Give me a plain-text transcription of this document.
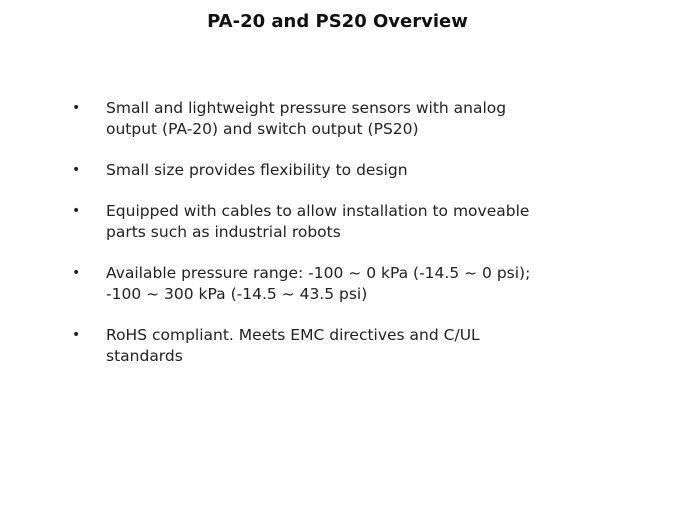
PA-20 and PS20 Overview
•	Small and lightweight pressure sensors with analog
output (PA-20) and switch output (PS20)
•	Small size provides flexibility to design
•	Equipped with cables to allow installation to moveable
parts such as industrial robots
•	Available pressure range: -100 ~ 0 kPa (-14.5 ~ 0 psi);
-100 ~ 300 kPa (-14.5 ~ 43.5 psi)
•	RoHS compliant. Meets EMC directives and C/UL
standards
